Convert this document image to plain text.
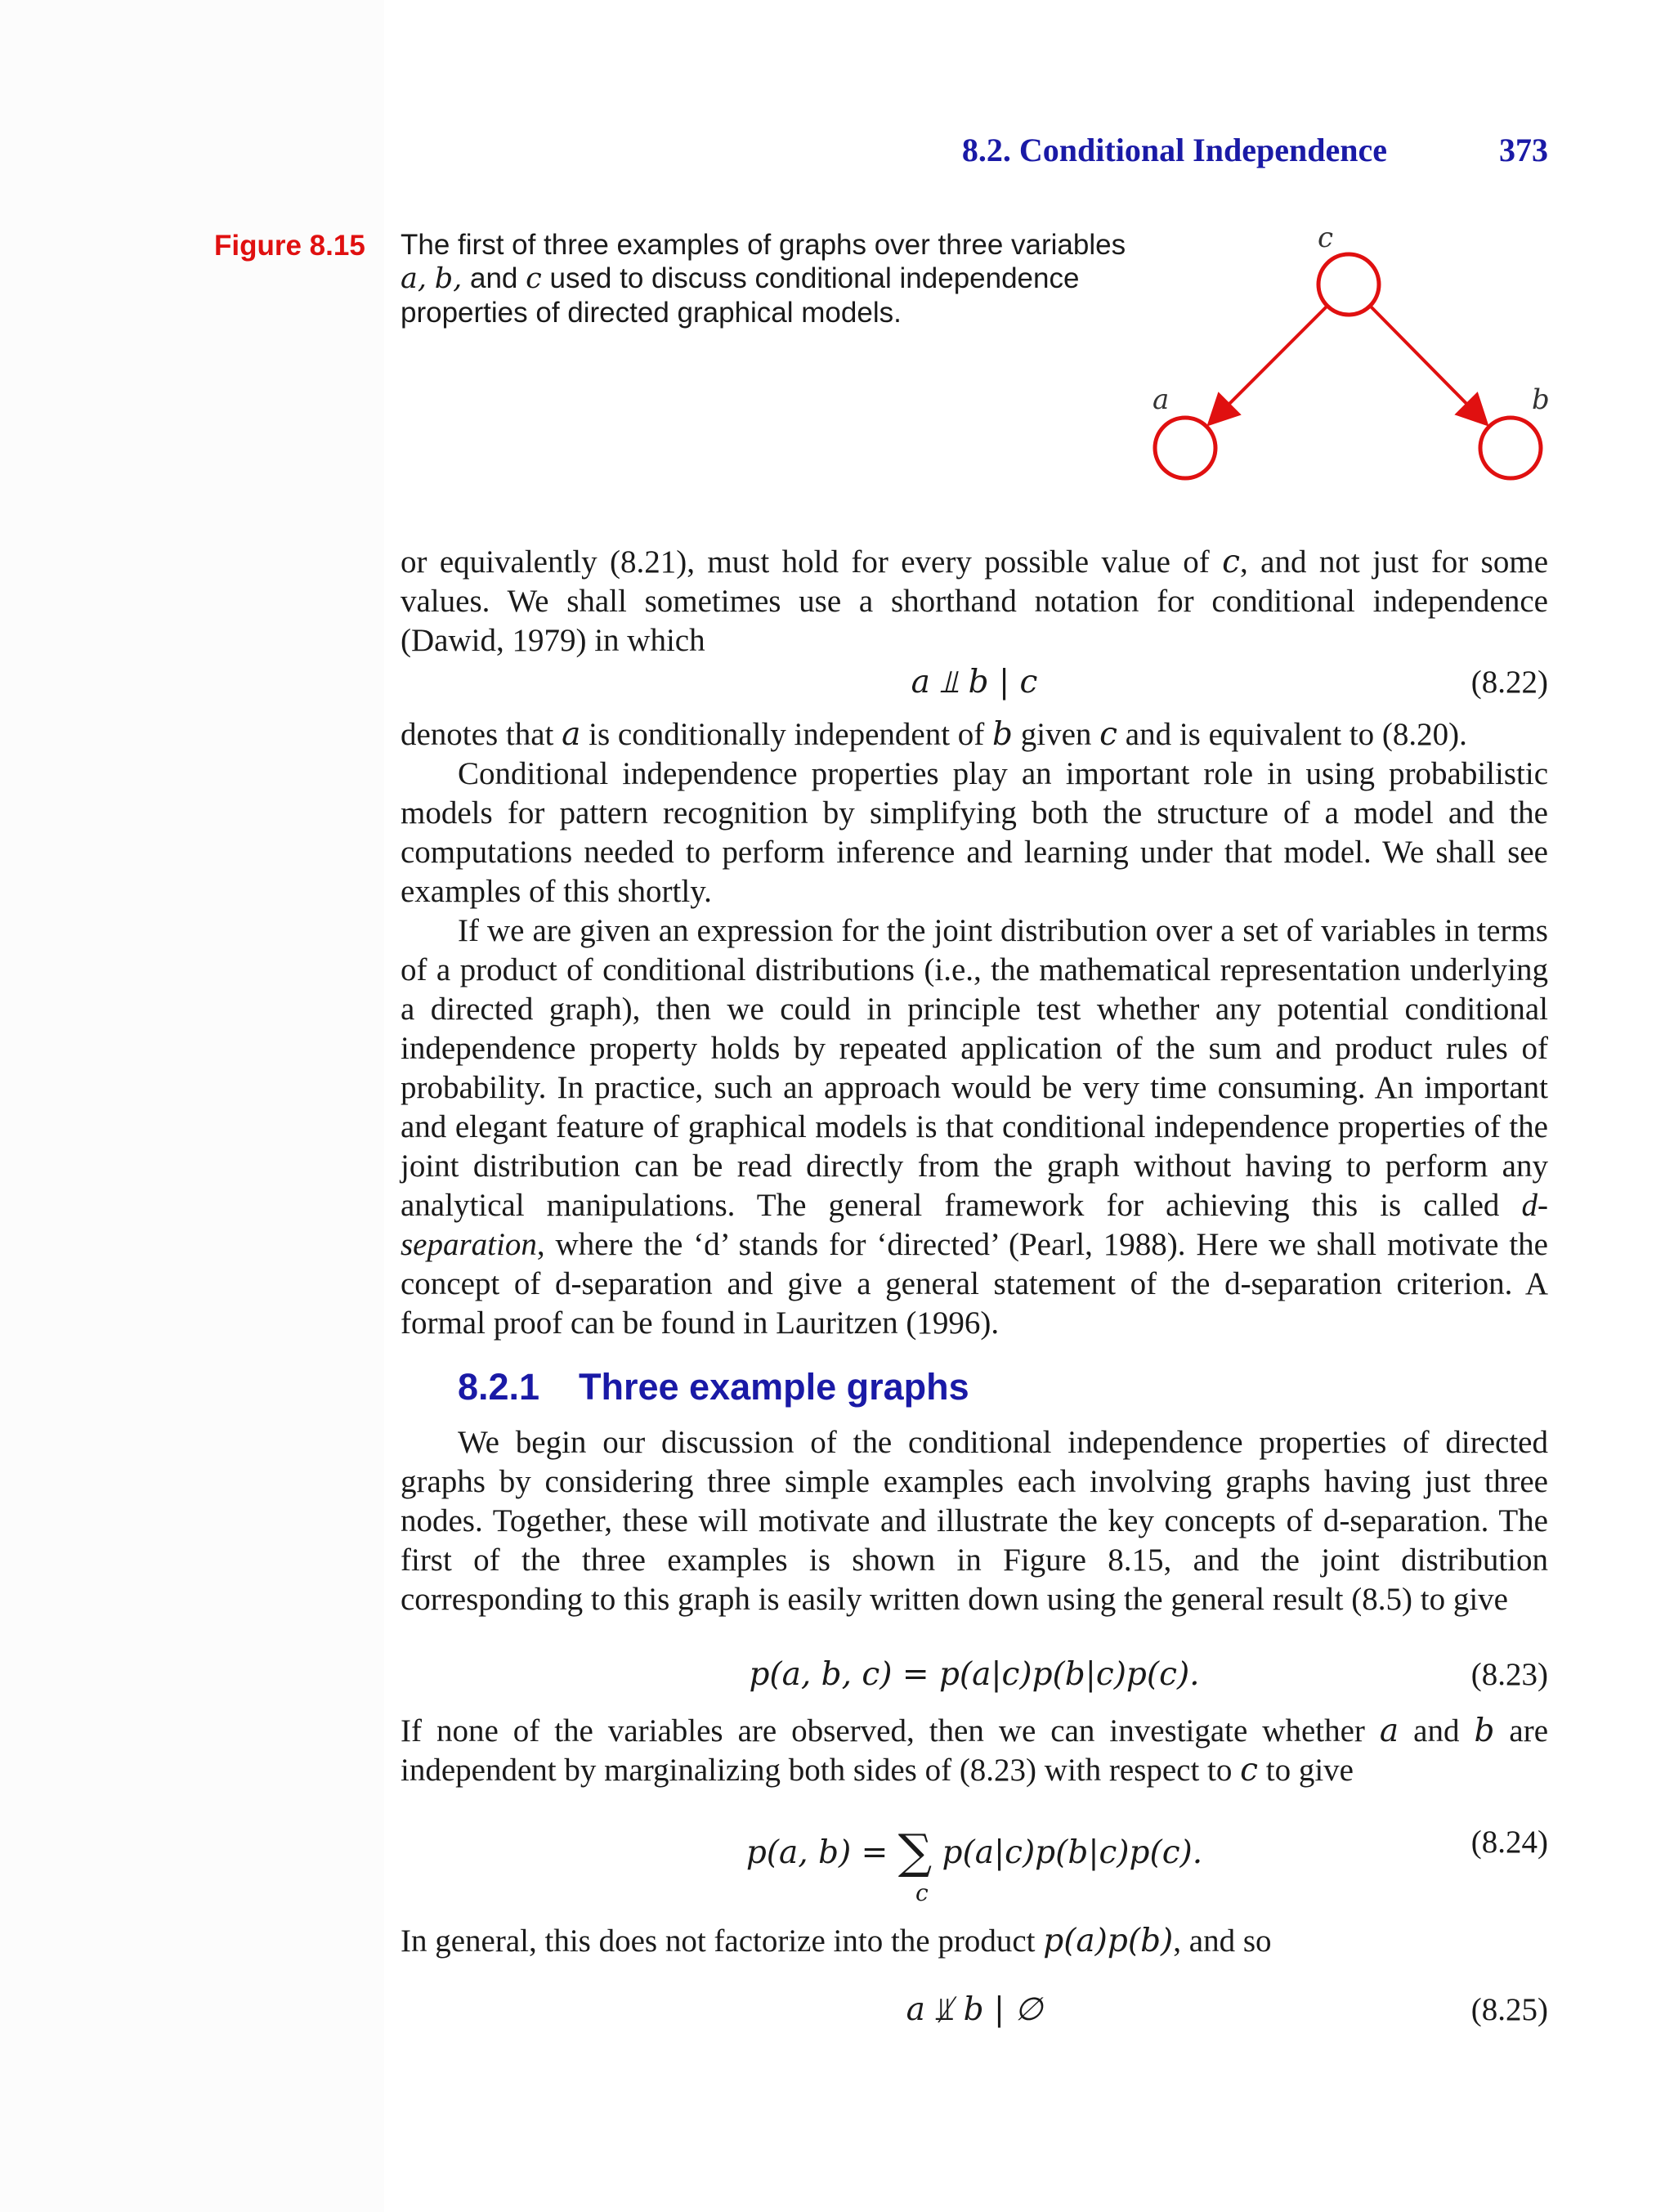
8.2. Conditional Independence	373
Figure 8.15 The first of three examples of graphs over three variables
a, b, and c used to discuss conditional independence
properties of directed graphical models.
c
a	b

or equivalently (8.21), must hold for every possible value of c, and not just for some values. We shall sometimes use a shorthand notation for conditional independence (Dawid, 1979) in which

a ⫫ b | c	(8.22)

denotes that a is conditionally independent of b given c and is equivalent to (8.20).

Conditional independence properties play an important role in using probabilistic models for pattern recognition by simplifying both the structure of a model and the computations needed to perform inference and learning under that model. We shall see examples of this shortly.

If we are given an expression for the joint distribution over a set of variables in terms of a product of conditional distributions (i.e., the mathematical representation underlying a directed graph), then we could in principle test whether any potential conditional independence property holds by repeated application of the sum and product rules of probability. In practice, such an approach would be very time consuming. An important and elegant feature of graphical models is that conditional independence properties of the joint distribution can be read directly from the graph without having to perform any analytical manipulations. The general framework for achieving this is called d-separation, where the ‘d’ stands for ‘directed’ (Pearl, 1988). Here we shall motivate the concept of d-separation and give a general statement of the d-separation criterion. A formal proof can be found in Lauritzen (1996).

8.2.1 Three example graphs

We begin our discussion of the conditional independence properties of directed graphs by considering three simple examples each involving graphs having just three nodes. Together, these will motivate and illustrate the key concepts of d-separation. The first of the three examples is shown in Figure 8.15, and the joint distribution corresponding to this graph is easily written down using the general result (8.5) to give

p(a, b, c) = p(a|c)p(b|c)p(c).	(8.23)

If none of the variables are observed, then we can investigate whether a and b are independent by marginalizing both sides of (8.23) with respect to c to give

p(a, b) = ∑ p(a|c)p(b|c)p(c).
c
(8.24)

In general, this does not factorize into the product p(a)p(b), and so

a ⫫̸ b | ∅	(8.25)
